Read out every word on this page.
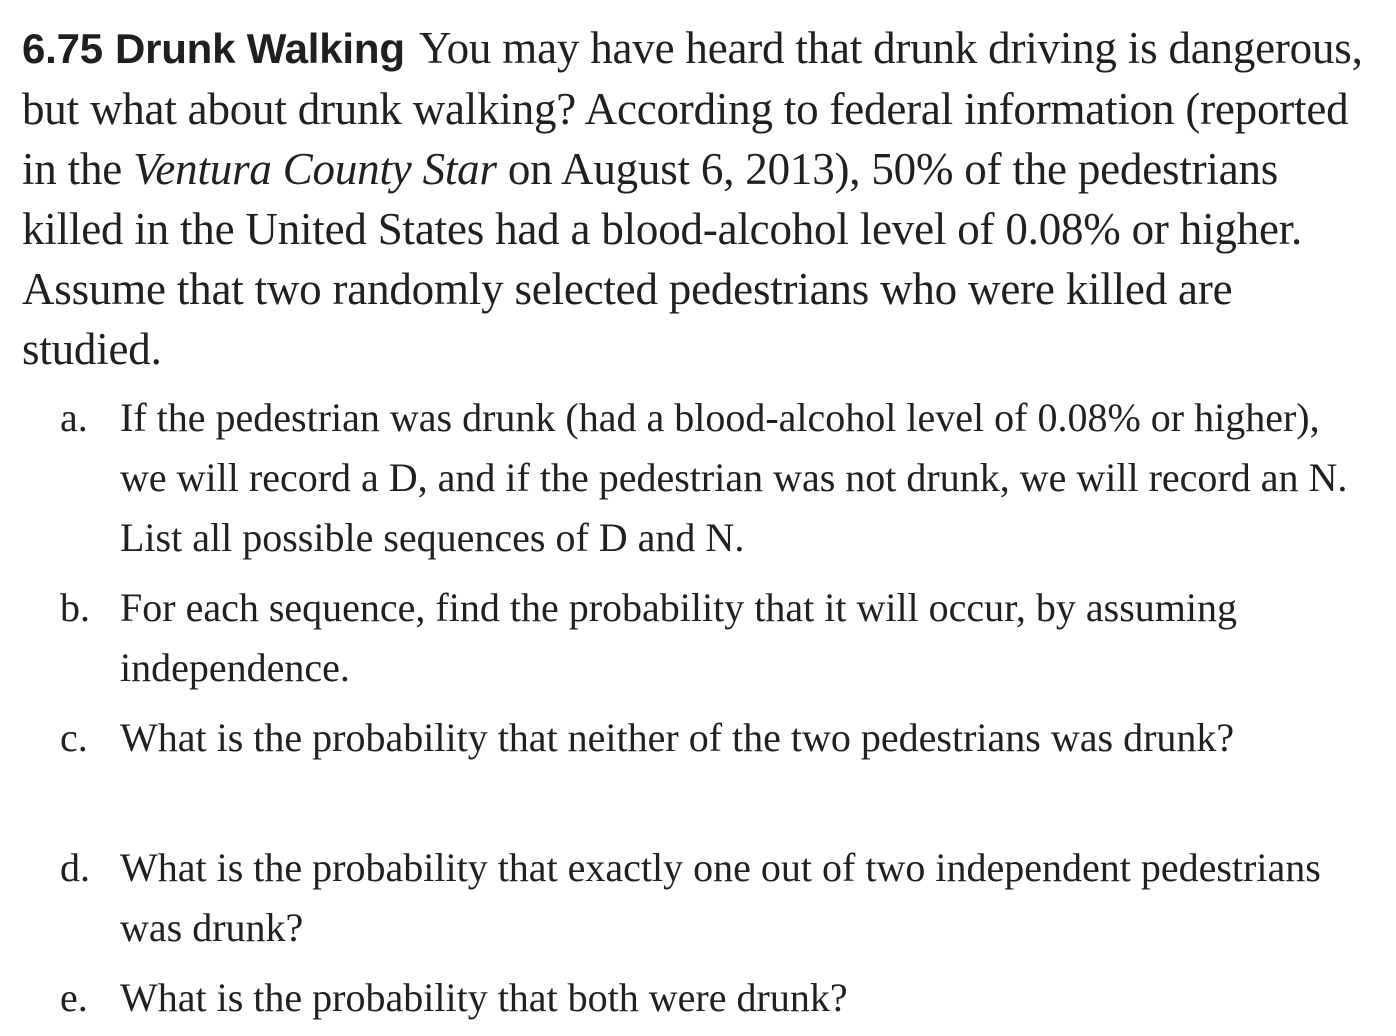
6.75 Drunk Walking You may have heard that drunk driving is dangerous, but what about drunk walking? According to federal information (reported in the Ventura County Star on August 6, 2013), 50% of the pedestrians killed in the United States had a blood-alcohol level of 0.08% or higher. Assume that two randomly selected pedestrians who were killed are studied.

a. If the pedestrian was drunk (had a blood-alcohol level of 0.08% or higher), we will record a D, and if the pedestrian was not drunk, we will record an N. List all possible sequences of D and N.
b. For each sequence, find the probability that it will occur, by assuming independence.
c. What is the probability that neither of the two pedestrians was drunk?
d. What is the probability that exactly one out of two independent pedestrians was drunk?
e. What is the probability that both were drunk?
